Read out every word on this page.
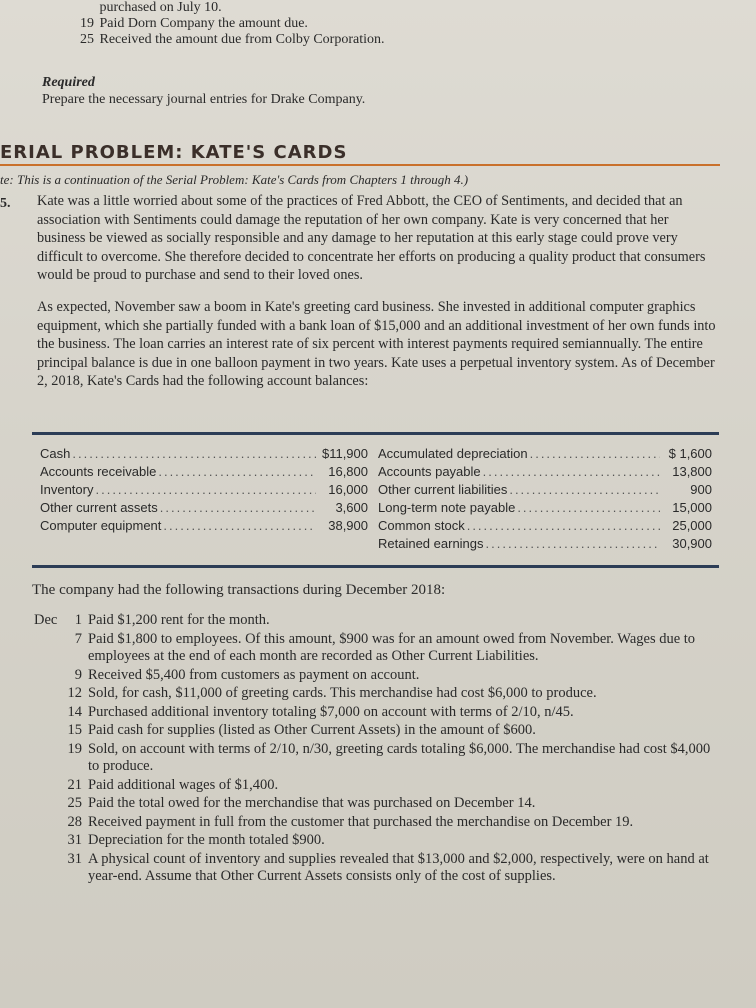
purchased on July 10.
19 Paid Dorn Company the amount due.
25 Received the amount due from Colby Corporation.
Required
Prepare the necessary journal entries for Drake Company.
ERIAL PROBLEM: KATE'S CARDS
te: This is a continuation of the Serial Problem: Kate's Cards from Chapters 1 through 4.)
5. Kate was a little worried about some of the practices of Fred Abbott, the CEO of Sentiments, and decided that an association with Sentiments could damage the reputation of her own company. Kate is very concerned that her business be viewed as socially responsible and any damage to her reputation at this early stage could prove very difficult to overcome. She therefore decided to concentrate her efforts on producing a quality product that consumers would be proud to purchase and send to their loved ones.
As expected, November saw a boom in Kate's greeting card business. She invested in additional computer graphics equipment, which she partially funded with a bank loan of $15,000 and an additional investment of her own funds into the business. The loan carries an interest rate of six percent with interest payments required semiannually. The entire principal balance is due in one balloon payment in two years. Kate uses a perpetual inventory system. As of December 2, 2018, Kate's Cards had the following account balances:
Cash .....	$11,900
Accounts receivable .....	16,800
Inventory .....	16,000
Other current assets .....	3,600
Computer equipment .....	38,900
Accumulated depreciation .....	$ 1,600
Accounts payable .....	13,800
Other current liabilities .....	900
Long-term note payable .....	15,000
Common stock .....	25,000
Retained earnings .....	30,900
The company had the following transactions during December 2018:
Dec	1 Paid $1,200 rent for the month.
7 Paid $1,800 to employees. Of this amount, $900 was for an amount owed from November. Wages due to employees at the end of each month are recorded as Other Current Liabilities.
9 Received $5,400 from customers as payment on account.
12 Sold, for cash, $11,000 of greeting cards. This merchandise had cost $6,000 to produce.
14 Purchased additional inventory totaling $7,000 on account with terms of 2/10, n/45.
15 Paid cash for supplies (listed as Other Current Assets) in the amount of $600.
19 Sold, on account with terms of 2/10, n/30, greeting cards totaling $6,000. The merchandise had cost $4,000 to produce.
21 Paid additional wages of $1,400.
25 Paid the total owed for the merchandise that was purchased on December 14.
28 Received payment in full from the customer that purchased the merchandise on December 19.
31 Depreciation for the month totaled $900.
31 A physical count of inventory and supplies revealed that $13,000 and $2,000, respectively, were on hand at year-end. Assume that Other Current Assets consists only of the cost of supplies.
